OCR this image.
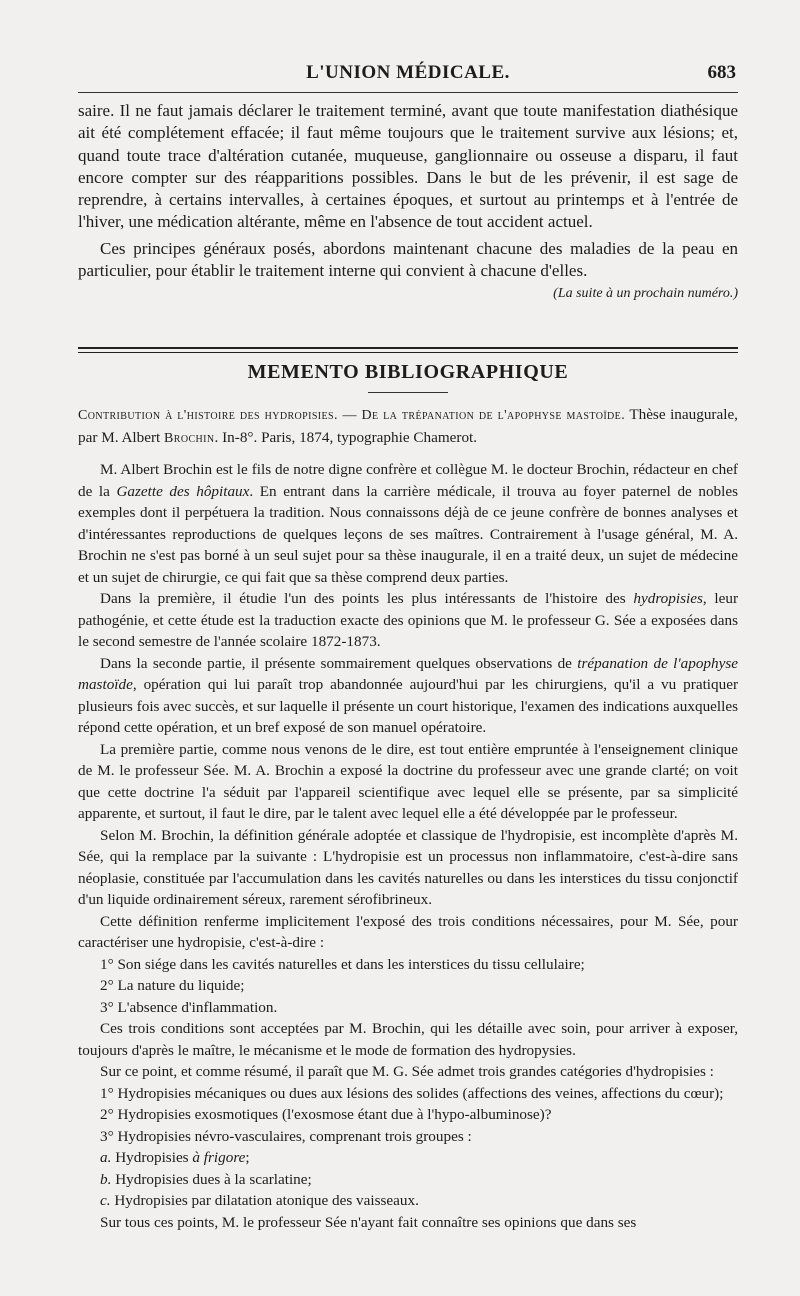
L'UNION MÉDICALE.	683

saire. Il ne faut jamais déclarer le traitement terminé, avant que toute manifestation diathésique ait été complétement effacée; il faut même toujours que le traitement survive aux lésions; et, quand toute trace d'altération cutanée, muqueuse, ganglionnaire ou osseuse a disparu, il faut encore compter sur des réapparitions possibles. Dans le but de les prévenir, il est sage de reprendre, à certains intervalles, à certaines époques, et surtout au printemps et à l'entrée de l'hiver, une médication altérante, même en l'absence de tout accident actuel.

Ces principes généraux posés, abordons maintenant chacune des maladies de la peau en particulier, pour établir le traitement interne qui convient à chacune d'elles.

(La suite à un prochain numéro.)
MEMENTO BIBLIOGRAPHIQUE

Contribution à l'histoire des hydropisies. — De la trépanation de l'apophyse mastoïde. Thèse inaugurale, par M. Albert Brochin. In-8°. Paris, 1874, typographie Chamerot.

M. Albert Brochin est le fils de notre digne confrère et collègue M. le docteur Brochin, rédacteur en chef de la Gazette des hôpitaux. En entrant dans la carrière médicale, il trouva au foyer paternel de nobles exemples dont il perpétuera la tradition. Nous connaissons déjà de ce jeune confrère de bonnes analyses et d'intéressantes reproductions de quelques leçons de ses maîtres. Contrairement à l'usage général, M. A. Brochin ne s'est pas borné à un seul sujet pour sa thèse inaugurale, il en a traité deux, un sujet de médecine et un sujet de chirurgie, ce qui fait que sa thèse comprend deux parties.

Dans la première, il étudie l'un des points les plus intéressants de l'histoire des hydropisies, leur pathogénie, et cette étude est la traduction exacte des opinions que M. le professeur G. Sée a exposées dans le second semestre de l'année scolaire 1872-1873.

Dans la seconde partie, il présente sommairement quelques observations de trépanation de l'apophyse mastoïde, opération qui lui paraît trop abandonnée aujourd'hui par les chirurgiens, qu'il a vu pratiquer plusieurs fois avec succès, et sur laquelle il présente un court historique, l'examen des indications auxquelles répond cette opération, et un bref exposé de son manuel opératoire.

La première partie, comme nous venons de le dire, est tout entière empruntée à l'enseignement clinique de M. le professeur Sée. M. A. Brochin a exposé la doctrine du professeur avec une grande clarté; on voit que cette doctrine l'a séduit par l'appareil scientifique avec lequel elle se présente, par sa simplicité apparente, et surtout, il faut le dire, par le talent avec lequel elle a été développée par le professeur.

Selon M. Brochin, la définition générale adoptée et classique de l'hydropisie, est incomplète d'après M. Sée, qui la remplace par la suivante : L'hydropisie est un processus non inflammatoire, c'est-à-dire sans néoplasie, constituée par l'accumulation dans les cavités naturelles ou dans les interstices du tissu conjonctif d'un liquide ordinairement séreux, rarement sérofibrineux.

Cette définition renferme implicitement l'exposé des trois conditions nécessaires, pour M. Sée, pour caractériser une hydropisie, c'est-à-dire :

1° Son siége dans les cavités naturelles et dans les interstices du tissu cellulaire;

2° La nature du liquide;

3° L'absence d'inflammation.

Ces trois conditions sont acceptées par M. Brochin, qui les détaille avec soin, pour arriver à exposer, toujours d'après le maître, le mécanisme et le mode de formation des hydropysies.

Sur ce point, et comme résumé, il paraît que M. G. Sée admet trois grandes catégories d'hydropisies :

1° Hydropisies mécaniques ou dues aux lésions des solides (affections des veines, affections du cœur);

2° Hydropisies exosmotiques (l'exosmose étant due à l'hypo-albuminose)?

3° Hydropisies névro-vasculaires, comprenant trois groupes :

a. Hydropisies à frigore;

b. Hydropisies dues à la scarlatine;

c. Hydropisies par dilatation atonique des vaisseaux.

Sur tous ces points, M. le professeur Sée n'ayant fait connaître ses opinions que dans ses
